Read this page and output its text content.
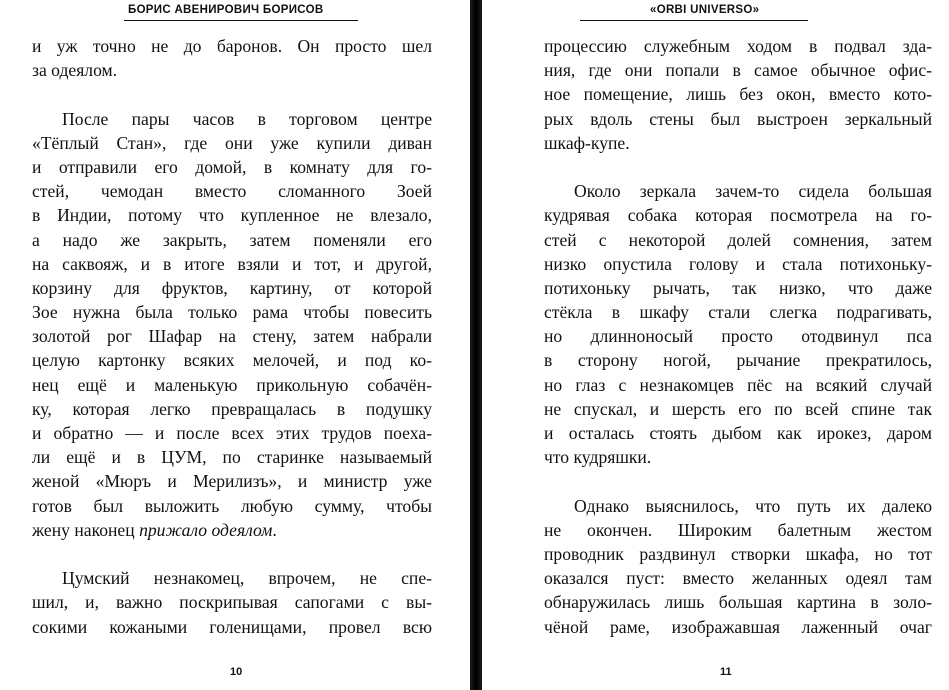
БОРИС АВЕНИРОВИЧ БОРИСОВ
и уж точно не до баронов. Он просто шел
за одеялом.
После пары часов в торговом центре
«Тёплый Стан», где они уже купили диван
и отправили его домой, в комнату для го-
стей, чемодан вместо сломанного Зоей
в Индии, потому что купленное не влезало,
а надо же закрыть, затем поменяли его
на саквояж, и в итоге взяли и тот, и другой,
корзину для фруктов, картину, от которой
Зое нужна была только рама чтобы повесить
золотой рог Шафар на стену, затем набрали
целую картонку всяких мелочей, и под ко-
нец ещё и маленькую прикольную собачён-
ку, которая легко превращалась в подушку
и обратно — и после всех этих трудов поеха-
ли ещё и в ЦУМ, по старинке называемый
женой «Мюръ и Мерилизъ», и министр уже
готов был выложить любую сумму, чтобы
жену наконец прижало одеялом.
Цумский незнакомец, впрочем, не спе-
шил, и, важно поскрипывая сапогами с вы-
сокими кожаными голенищами, провел всю
10
«ORBI UNIVERSO»
процессию служебным ходом в подвал зда-
ния, где они попали в самое обычное офис-
ное помещение, лишь без окон, вместо кото-
рых вдоль стены был выстроен зеркальный
шкаф-купе.
Около зеркала зачем-то сидела большая
кудрявая собака которая посмотрела на го-
стей с некоторой долей сомнения, затем
низко опустила голову и стала потихоньку-
потихоньку рычать, так низко, что даже
стёкла в шкафу стали слегка подрагивать,
но длинноносый просто отодвинул пса
в сторону ногой, рычание прекратилось,
но глаз с незнакомцев пёс на всякий случай
не спускал, и шерсть его по всей спине так
и осталась стоять дыбом как ирокез, даром
что кудряшки.
Однако выяснилось, что путь их далеко
не окончен. Широким балетным жестом
проводник раздвинул створки шкафа, но тот
оказался пуст: вместо желанных одеял там
обнаружилась лишь большая картина в золо-
чёной раме, изображавшая лаженный очаг
11
